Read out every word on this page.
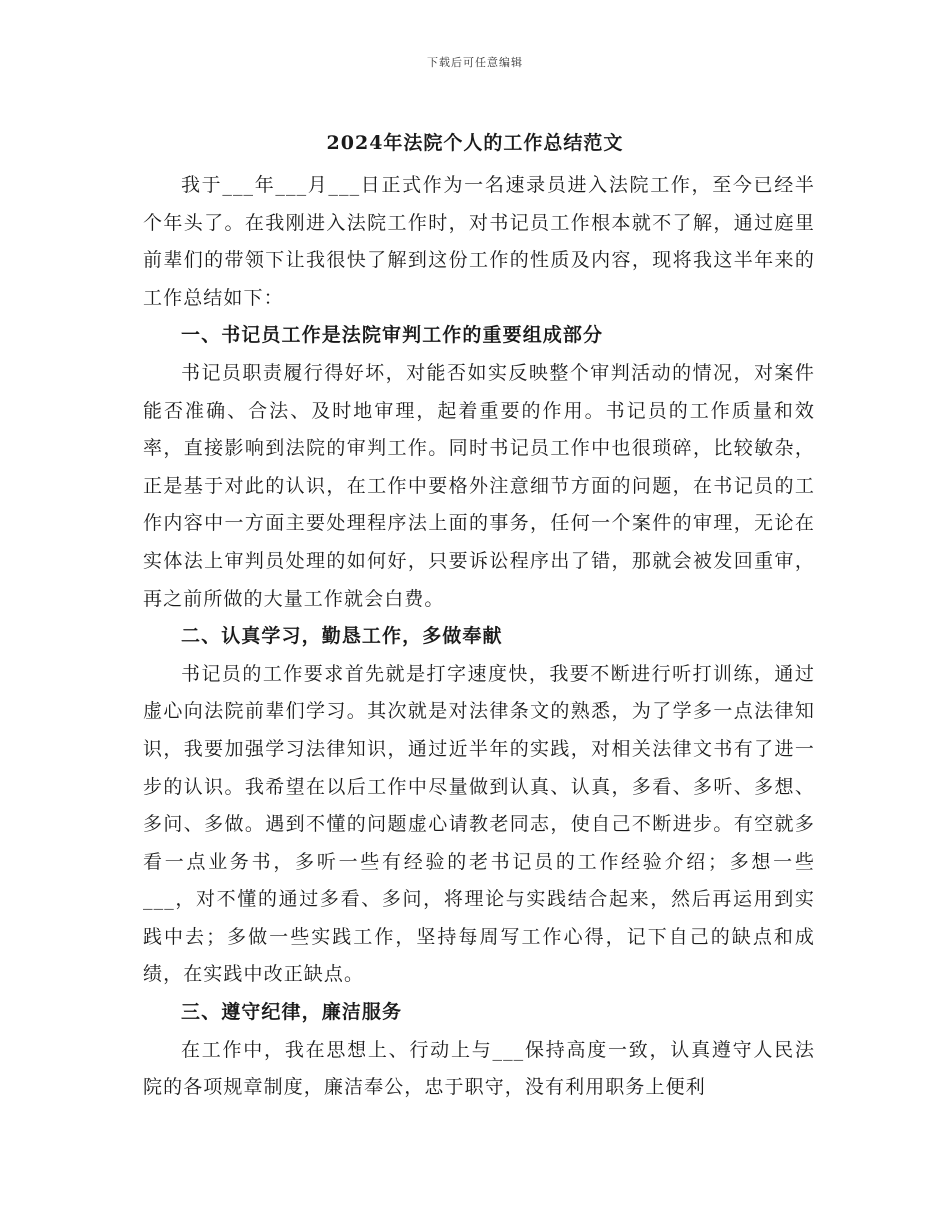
下载后可任意编辑
2024年法院个人的工作总结范文

我于___年___月___日正式作为一名速录员进入法院工作，至今已经半个年头了。在我刚进入法院工作时，对书记员工作根本就不了解，通过庭里前辈们的带领下让我很快了解到这份工作的性质及内容，现将我这半年来的工作总结如下：

一、书记员工作是法院审判工作的重要组成部分

书记员职责履行得好坏，对能否如实反映整个审判活动的情况，对案件能否准确、合法、及时地审理，起着重要的作用。书记员的工作质量和效率，直接影响到法院的审判工作。同时书记员工作中也很琐碎，比较敏杂，正是基于对此的认识，在工作中要格外注意细节方面的问题，在书记员的工作内容中一方面主要处理程序法上面的事务，任何一个案件的审理，无论在实体法上审判员处理的如何好，只要诉讼程序出了错，那就会被发回重审，再之前所做的大量工作就会白费。

二、认真学习，勤恳工作，多做奉献

书记员的工作要求首先就是打字速度快，我要不断进行听打训练，通过虚心向法院前辈们学习。其次就是对法律条文的熟悉，为了学多一点法律知识，我要加强学习法律知识，通过近半年的实践，对相关法律文书有了进一步的认识。我希望在以后工作中尽量做到认真、认真，多看、多听、多想、多问、多做。遇到不懂的问题虚心请教老同志，使自己不断进步。有空就多看一点业务书，多听一些有经验的老书记员的工作经验介绍；多想一些___，对不懂的通过多看、多问，将理论与实践结合起来，然后再运用到实践中去；多做一些实践工作，坚持每周写工作心得，记下自己的缺点和成绩，在实践中改正缺点。

三、遵守纪律，廉洁服务

在工作中，我在思想上、行动上与___保持高度一致，认真遵守人民法院的各项规章制度，廉洁奉公，忠于职守，没有利用职务上便利
